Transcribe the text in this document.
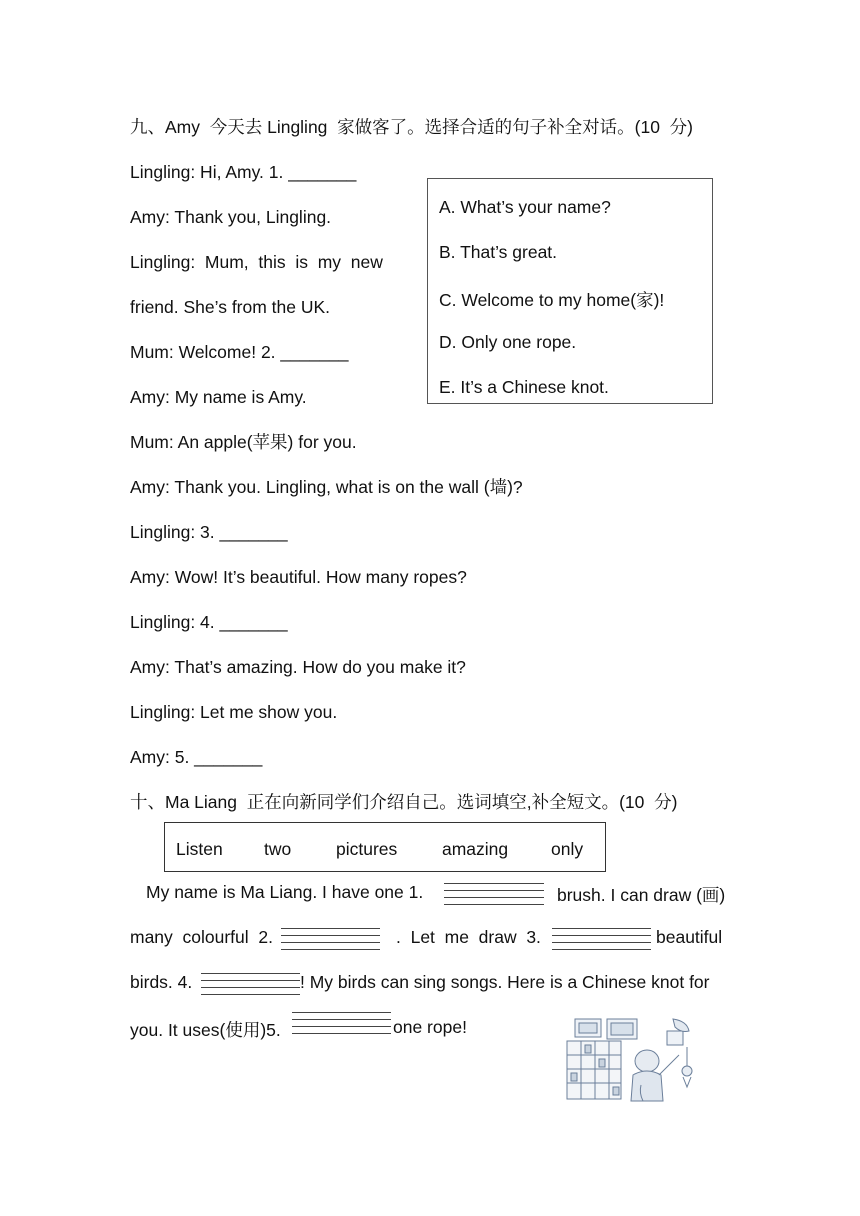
九、Amy  今天去 Lingling  家做客了。选择合适的句子补全对话。(10  分)
Lingling: Hi, Amy. 1. _______
Amy: Thank you, Lingling.
Lingling:  Mum,  this  is  my  new
friend. She’s from the UK.
Mum: Welcome! 2. _______
Amy: My name is Amy.
Mum: An apple(苹果) for you.
Amy: Thank you. Lingling, what is on the wall (墙)?
Lingling: 3. _______
Amy: Wow! It’s beautiful. How many ropes?
Lingling: 4. _______
Amy: That’s amazing. How do you make it?
Lingling: Let me show you.
Amy: 5. _______
A. What’s your name?
B. That’s great.
C. Welcome to my home(家)!
D. Only one rope.
E. It’s a Chinese knot.
十、Ma Liang  正在向新同学们介绍自己。选词填空,补全短文。(10  分)
Listen two	pictures	amazing only
My name is Ma Liang. I have one 1.	brush. I can draw (画)
many  colourful  2.	.  Let  me  draw  3.	beautiful
birds. 4.	! My birds can sing songs. Here is a Chinese knot for
you. It uses(使用)5.	one rope!
